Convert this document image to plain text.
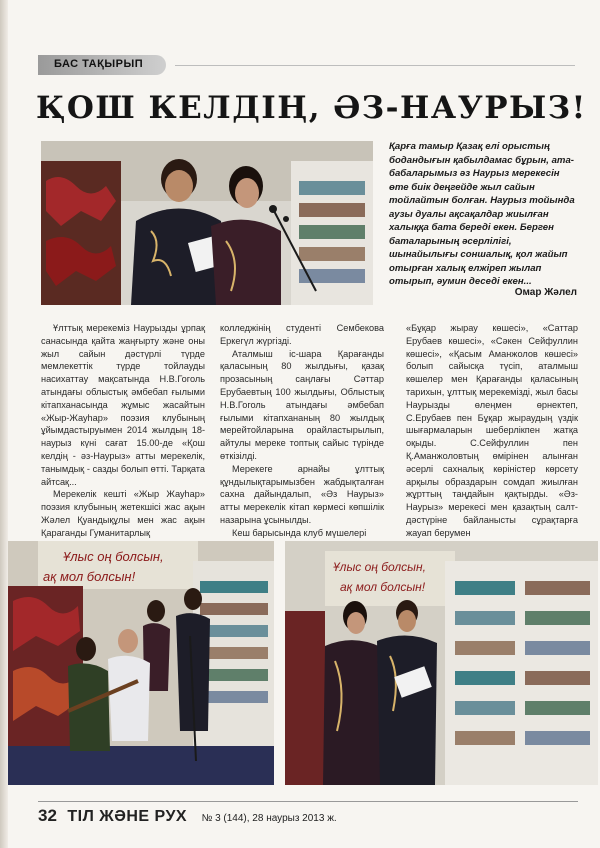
БАС ТАҚЫРЫП
ҚОШ КЕЛДІҢ, ӘЗ-НАУРЫЗ!

Қарға тамыр Қазақ елі орыстың бодандығын қабылдамас бұрын, ата-бабаларымыз әз Наурыз мерекесін өте биік деңгейде жыл сайын тойлайтын болған. Наурыз тойында аузы дуалы ақсақалдар жиылған халыққа бата береді екен. Берген баталарының әсерлілігі, шынайылығы соншалық, қол жайып отырған халық елжіреп жылап отырып, әумин деседі екен...

Омар Жәлел

Ұлттық мерекеміз Наурызды ұрпақ санасында қайта жаңғырту және оны жыл сайын дәстүрлі түрде мемлекеттік түрде тойлауды насихаттау мақсатында Н.В.Гоголь атындағы облыстық әмбебап ғылыми кітапханасында жұмыс жасайтын «Жыр-Жауһар» поэзия клубының ұйымдастыруымен 2014 жылдың 18-наурыз күні сағат 15.00-де «Қош келдің - әз-Наурыз» атты мерекелік, танымдық - сазды болып өтті. Тарқата айтсақ...

Мерекелік кешті «Жыр Жауһар» поэзия клубының жетекшісі жас ақын Жәлел Қуандықұлы мен жас ақын Қараганды Гуманитарлық

колледжінің студенті Сембекова Еркегүл жүргізді.

Аталмыш іс-шара Қарағанды қаласының 80 жылдығы, қазақ прозасының саңлағы Сәттар Ерубаевтың 100 жылдығы, Облыстық Н.В.Гоголь атындағы әмбебап ғылыми кітапхананың 80 жылдық мерейтойларына орайластырылып, айтулы мереке топтық сайыс түрінде өткізілді.

Мерекеге арнайы ұлттық құндылықтарымызбен жабдықталған сахна дайындалып, «Әз Наурыз» атты мерекелік кітап көрмесі көпшілік назарына ұсынылды.

Кеш барысында клуб мүшелері

«Бұқар жырау көшесі», «Саттар Ерубаев көшесі», «Сәкен Сейфуллин көшесі», «Қасым Аманжолов көшесі» болып сайысқа түсіп, аталмыш көшелер мен Қарағанды қаласының тарихын, ұлттық мерекемізді, жыл басы Наурызды өлеңмен өрнектеп, С.Ерубаев пен Бұқар жыраудың үздік шығармаларын шеберлікпен жатқа оқыды. С.Сейфуллин пен Қ.Аманжоловтың өмірінен алынған әсерлі сахналық көріністер көрсету арқылы образдарын сомдап жиылған жұрттың таңдайын қақтырды. «Әз-Наурыз» мерекесі мен қазақтың салт-дәстүріне байланысты сұрақтарға жауап берумен

Ұлыс оң болсын,
ақ мол болсын!
Ұлыс оң болсын,
ақ мол болсын!
32 ТІЛ ЖӘНЕ РУХ № 3 (144), 28 наурыз 2013 ж.
